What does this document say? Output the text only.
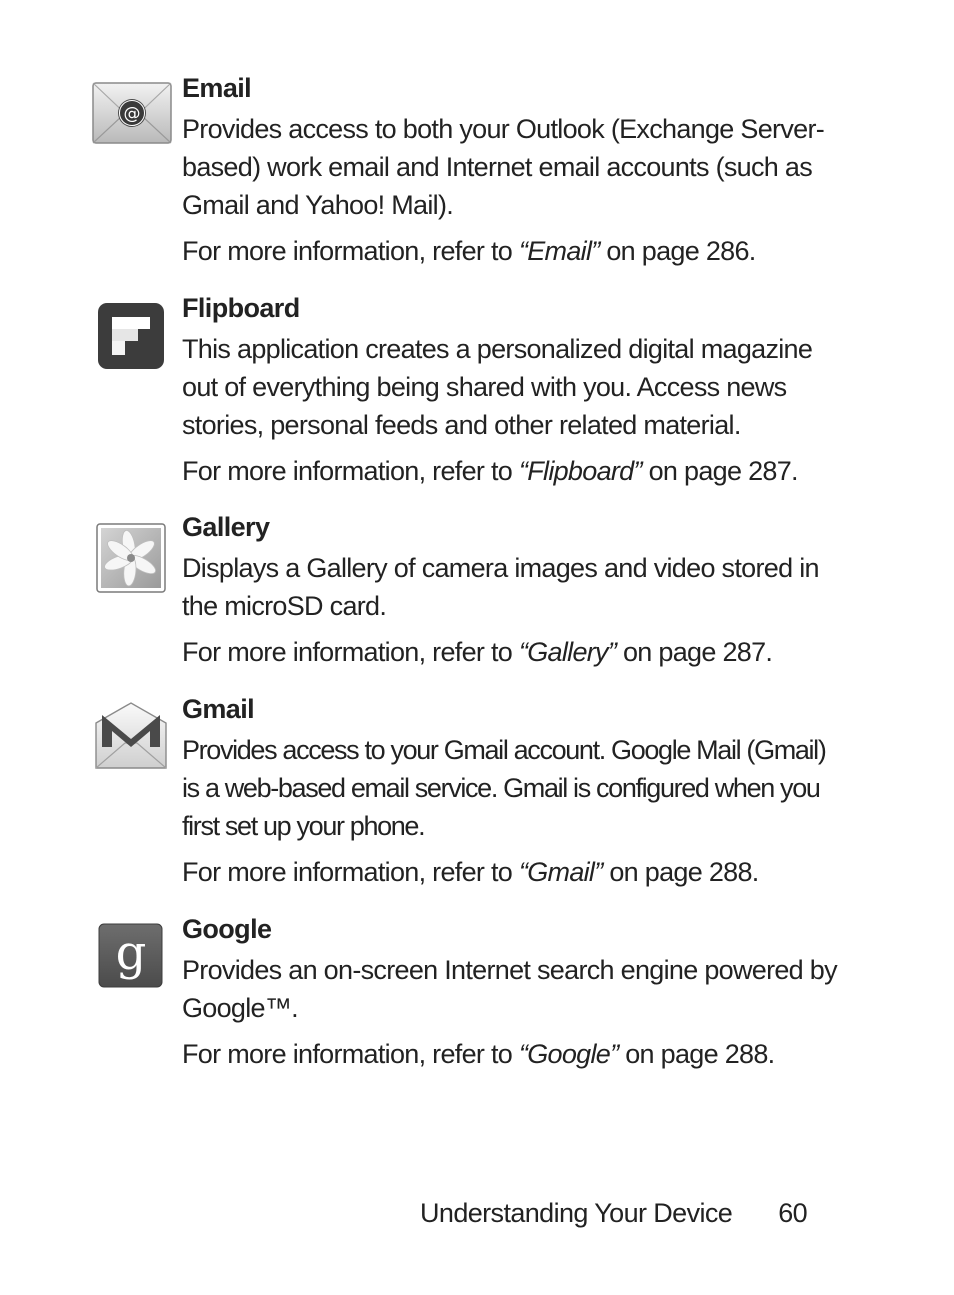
@

Email

Provides access to both your Outlook (Exchange Server-based) work email and Internet email accounts (such as Gmail and Yahoo! Mail).

For more information, refer to “Email” on page 286.

Flipboard

This application creates a personalized digital magazine out of everything being shared with you. Access news stories, personal feeds and other related material.

For more information, refer to “Flipboard” on page 287.

Gallery

Displays a Gallery of camera images and video stored in the microSD card.

For more information, refer to “Gallery” on page 287.

Gmail

Provides access to your Gmail account. Google Mail (Gmail) is a web-based email service. Gmail is configured when you first set up your phone.

For more information, refer to “Gmail” on page 288.

g Google

Provides an on-screen Internet search engine powered by Google™.

For more information, refer to “Google” on page 288.

Understanding Your Device 60
